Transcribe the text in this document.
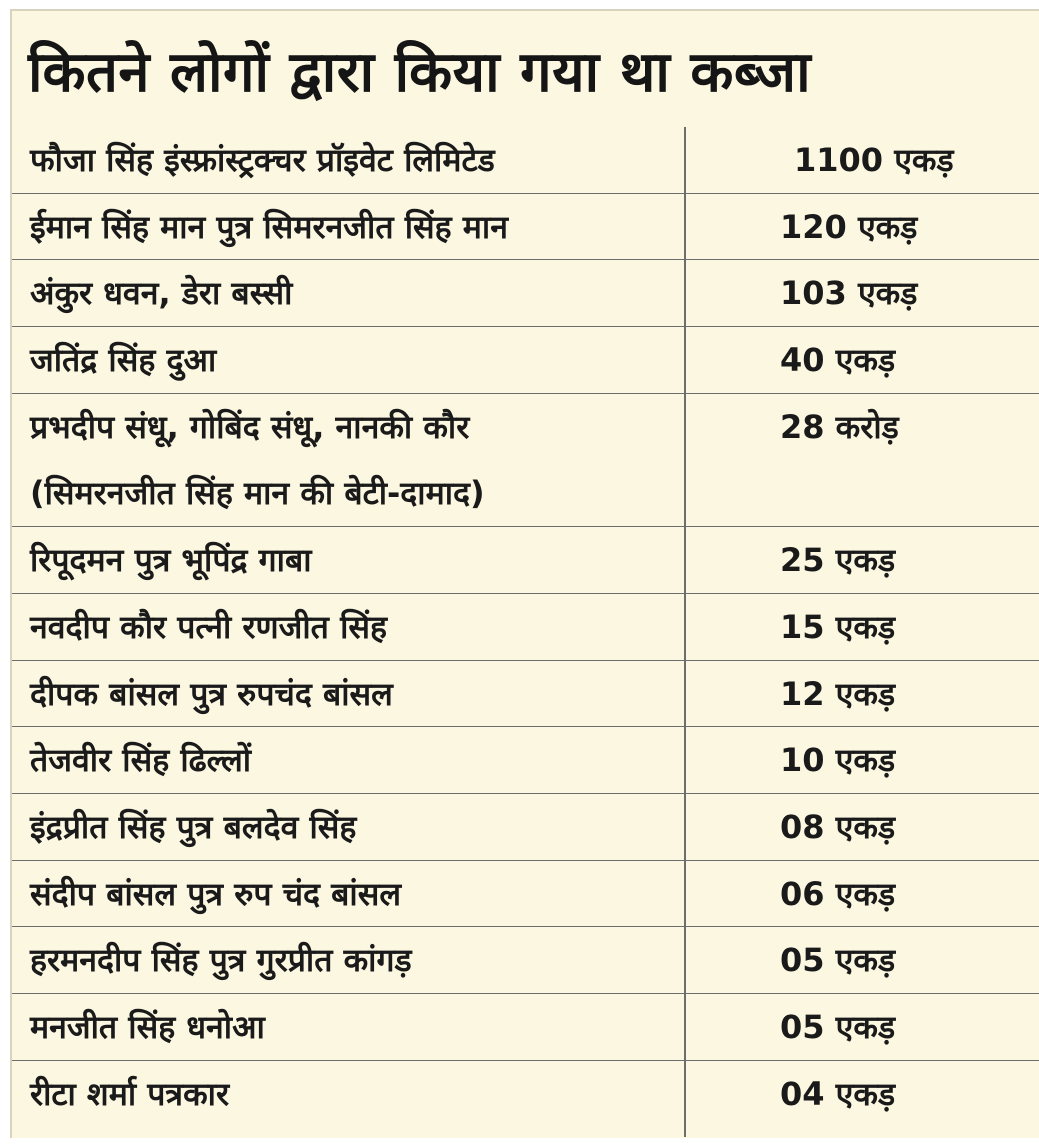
कितने लोगों द्वारा किया गया था कब्जा
फौजा सिंह इंस्फ्रांस्ट्रक्चर प्रॉइवेट लिमिटेड	1100 एकड़
ईमान सिंह मान पुत्र सिमरनजीत सिंह मान	120 एकड़
अंकुर धवन, डेरा बस्सी	103 एकड़
जतिंद्र सिंह दुआ	40 एकड़
प्रभदीप संधू, गोबिंद संधू, नानकी कौर	28 करोड़
(सिमरनजीत सिंह मान की बेटी-दामाद)
रिपूदमन पुत्र भूपिंद्र गाबा	25 एकड़
नवदीप कौर पत्नी रणजीत सिंह	15 एकड़
दीपक बांसल पुत्र रुपचंद बांसल	12 एकड़
तेजवीर सिंह ढिल्लों	10 एकड़
इंद्रप्रीत सिंह पुत्र बलदेव सिंह	08 एकड़
संदीप बांसल पुत्र रुप चंद बांसल	06 एकड़
हरमनदीप सिंह पुत्र गुरप्रीत कांगड़	05 एकड़
मनजीत सिंह धनोआ	05 एकड़
रीटा शर्मा पत्रकार	04 एकड़
